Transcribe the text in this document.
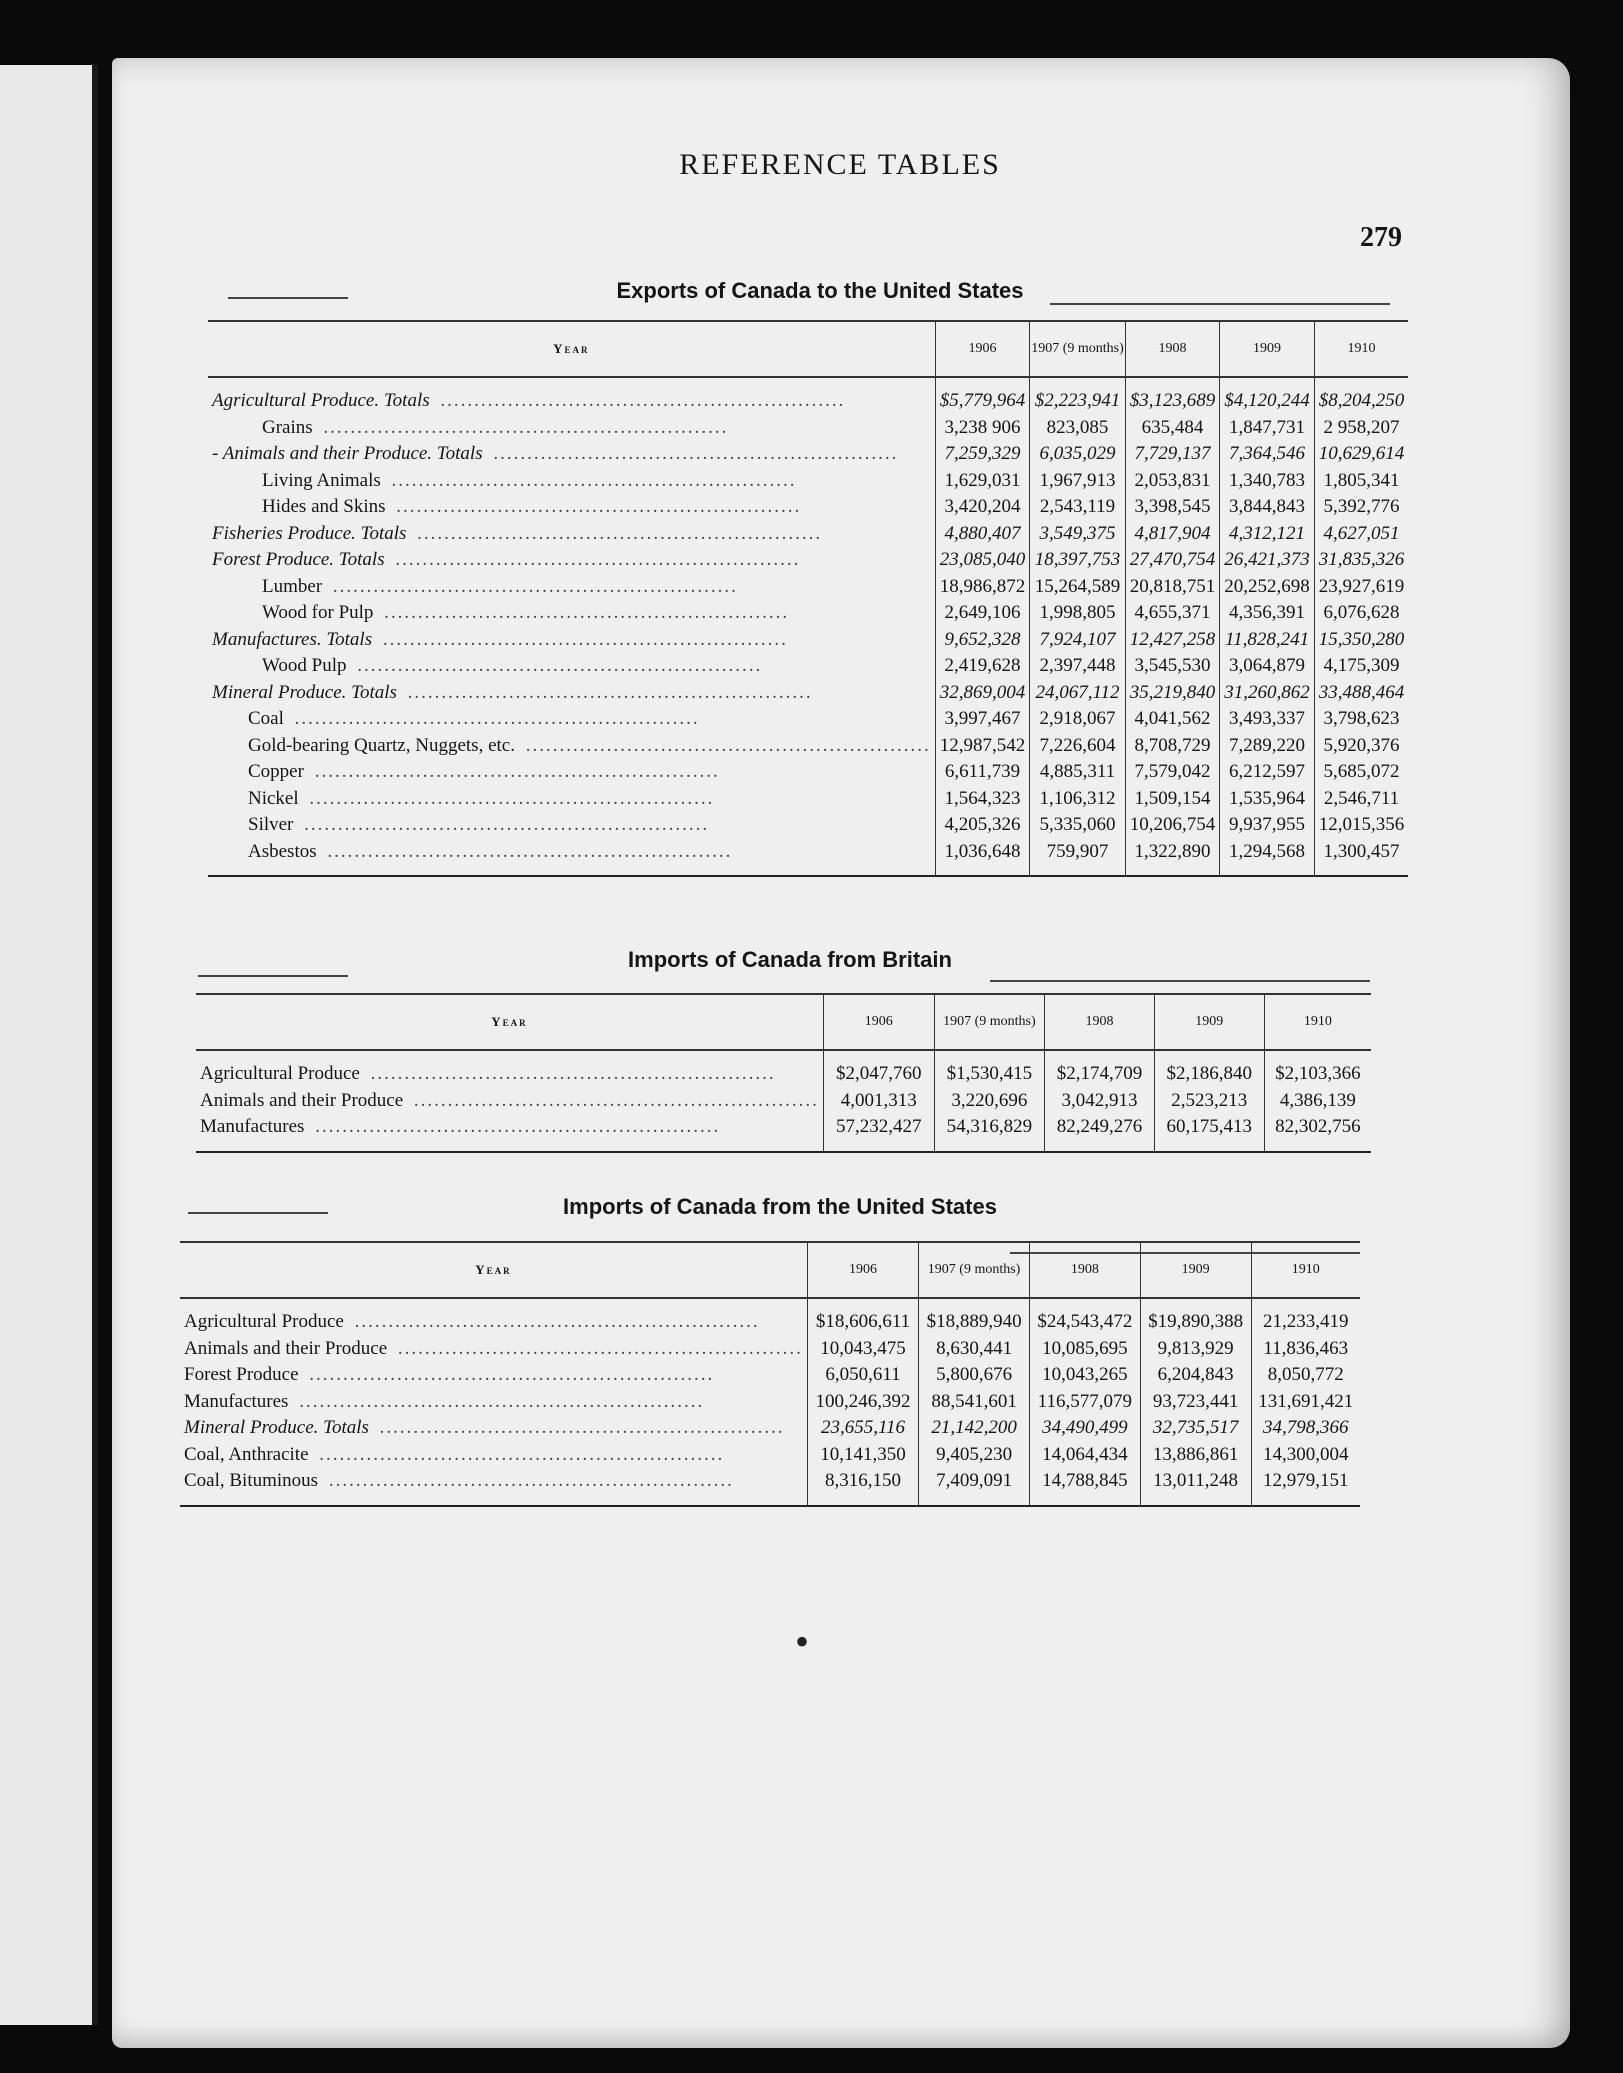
REFERENCE TABLES
279
Exports of Canada to the United States
Year	1906	1907 (9 months)	1908	1909	1910

Agricultural Produce. Totals ............................................................	$5,779,964	$2,223,941	$3,123,689	$4,120,244	$8,204,250
Grains ............................................................	3,238 906	823,085	635,484	1,847,731	2 958,207
- Animals and their Produce. Totals ............................................................	7,259,329	6,035,029	7,729,137	7,364,546	10,629,614
Living Animals ............................................................	1,629,031	1,967,913	2,053,831	1,340,783	1,805,341
Hides and Skins ............................................................	3,420,204	2,543,119	3,398,545	3,844,843	5,392,776
Fisheries Produce. Totals ............................................................	4,880,407	3,549,375	4,817,904	4,312,121	4,627,051
Forest Produce. Totals ............................................................	23,085,040	18,397,753	27,470,754	26,421,373	31,835,326
Lumber ............................................................	18,986,872	15,264,589	20,818,751	20,252,698	23,927,619
Wood for Pulp ............................................................	2,649,106	1,998,805	4,655,371	4,356,391	6,076,628
Manufactures. Totals ............................................................	9,652,328	7,924,107	12,427,258	11,828,241	15,350,280
Wood Pulp ............................................................	2,419,628	2,397,448	3,545,530	3,064,879	4,175,309
Mineral Produce. Totals ............................................................	32,869,004	24,067,112	35,219,840	31,260,862	33,488,464
Coal ............................................................	3,997,467	2,918,067	4,041,562	3,493,337	3,798,623
Gold-bearing Quartz, Nuggets, etc. ............................................................	12,987,542	7,226,604	8,708,729	7,289,220	5,920,376
Copper ............................................................	6,611,739	4,885,311	7,579,042	6,212,597	5,685,072
Nickel ............................................................	1,564,323	1,106,312	1,509,154	1,535,964	2,546,711
Silver ............................................................	4,205,326	5,335,060	10,206,754	9,937,955	12,015,356
Asbestos ............................................................	1,036,648	759,907	1,322,890	1,294,568	1,300,457

Imports of Canada from Britain
Year	1906	1907 (9 months)	1908	1909	1910

Agricultural Produce ............................................................	$2,047,760	$1,530,415	$2,174,709	$2,186,840	$2,103,366
Animals and their Produce ............................................................	4,001,313	3,220,696	3,042,913	2,523,213	4,386,139
Manufactures ............................................................	57,232,427	54,316,829	82,249,276	60,175,413	82,302,756

Imports of Canada from the United States
Year	1906	1907 (9 months)	1908	1909	1910

Agricultural Produce ............................................................	$18,606,611	$18,889,940	$24,543,472	$19,890,388	21,233,419
Animals and their Produce ............................................................	10,043,475	8,630,441	10,085,695	9,813,929	11,836,463
Forest Produce ............................................................	6,050,611	5,800,676	10,043,265	6,204,843	8,050,772
Manufactures ............................................................	100,246,392	88,541,601	116,577,079	93,723,441	131,691,421
Mineral Produce. Totals ............................................................	23,655,116	21,142,200	34,490,499	32,735,517	34,798,366
Coal, Anthracite ............................................................	10,141,350	9,405,230	14,064,434	13,886,861	14,300,004
Coal, Bituminous ............................................................	8,316,150	7,409,091	14,788,845	13,011,248	12,979,151

•
